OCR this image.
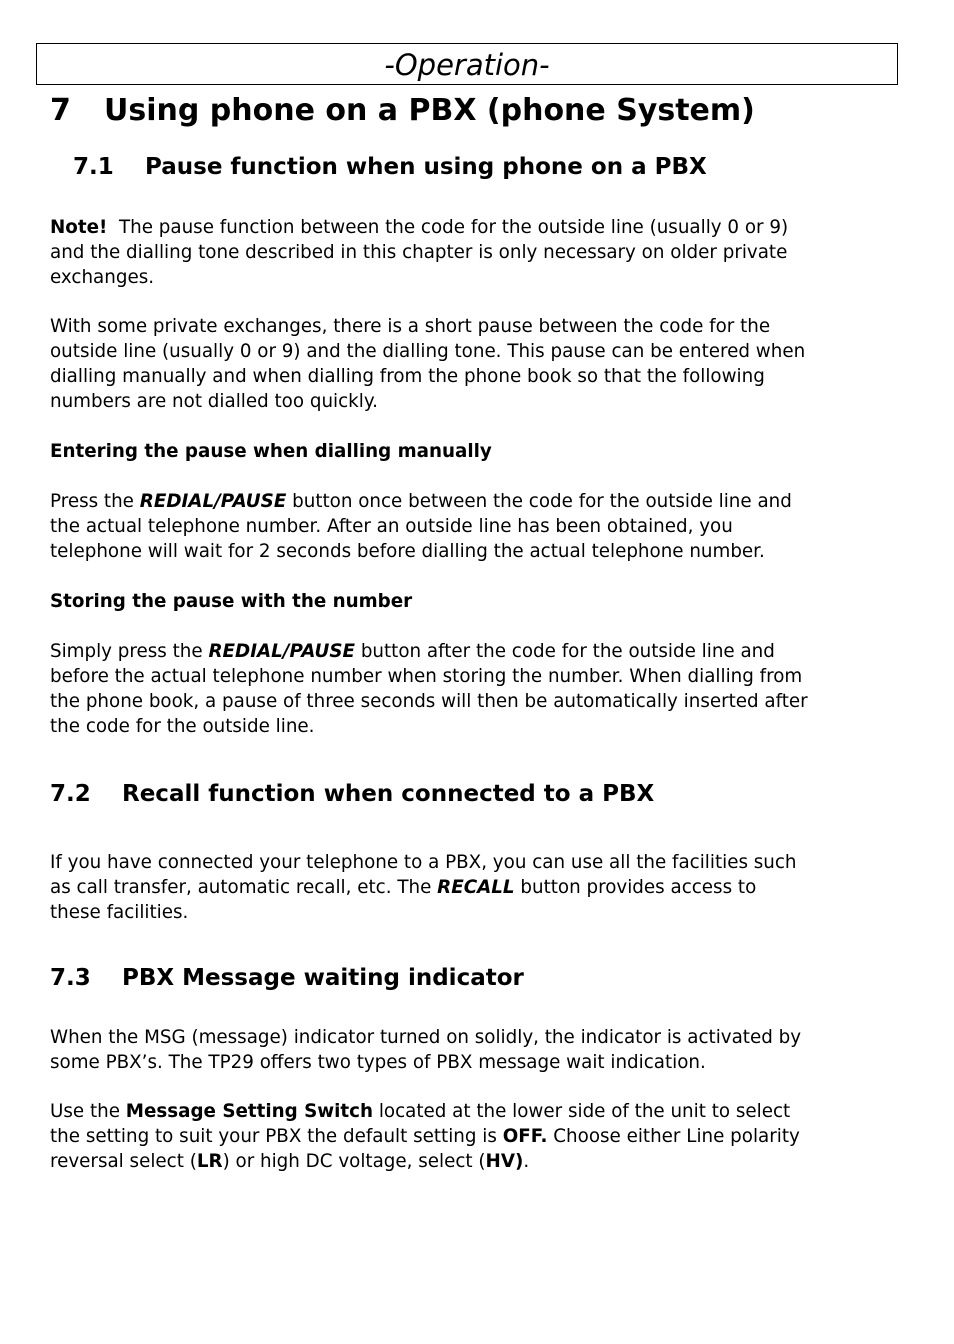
-Operation-
7 Using phone on a PBX (phone System)
7.1 Pause function when using phone on a PBX
Note! The pause function between the code for the outside line (usually 0 or 9)
and the dialling tone described in this chapter is only necessary on older private
exchanges.
With some private exchanges, there is a short pause between the code for the
outside line (usually 0 or 9) and the dialling tone. This pause can be entered when
dialling manually and when dialling from the phone book so that the following
numbers are not dialled too quickly.
Entering the pause when dialling manually
Press the REDIAL/PAUSE button once between the code for the outside line and
the actual telephone number. After an outside line has been obtained, you
telephone will wait for 2 seconds before dialling the actual telephone number.
Storing the pause with the number
Simply press the REDIAL/PAUSE button after the code for the outside line and
before the actual telephone number when storing the number. When dialling from
the phone book, a pause of three seconds will then be automatically inserted after
the code for the outside line.
7.2 Recall function when connected to a PBX
If you have connected your telephone to a PBX, you can use all the facilities such
as call transfer, automatic recall, etc. The RECALL button provides access to
these facilities.
7.3 PBX Message waiting indicator
When the MSG (message) indicator turned on solidly, the indicator is activated by
some PBX’s. The TP29 offers two types of PBX message wait indication.
Use the Message Setting Switch located at the lower side of the unit to select
the setting to suit your PBX the default setting is OFF. Choose either Line polarity
reversal select (LR) or high DC voltage, select (HV).
